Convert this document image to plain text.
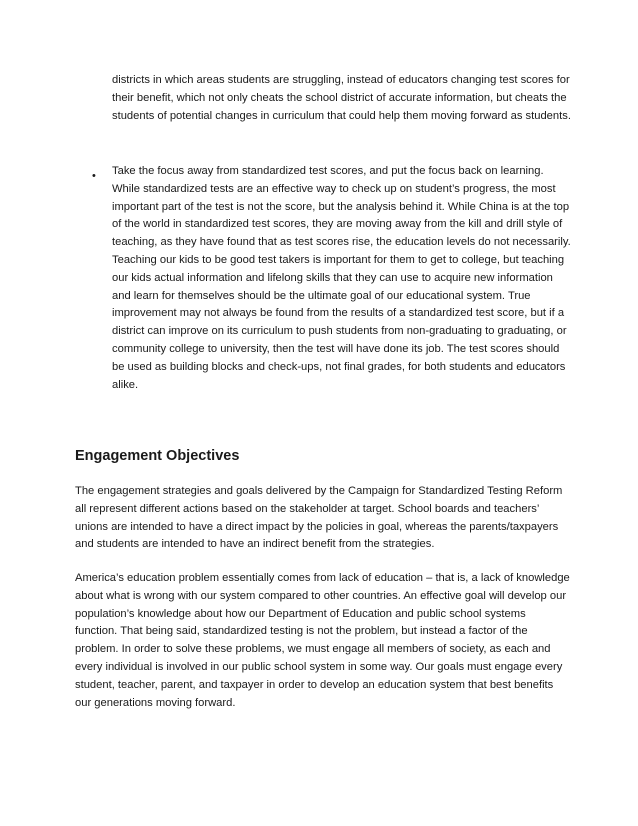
districts in which areas students are struggling, instead of educators changing test scores for their benefit, which not only cheats the school district of accurate information, but cheats the students of potential changes in curriculum that could help them moving forward as students.

• Take the focus away from standardized test scores, and put the focus back on learning. While standardized tests are an effective way to check up on student’s progress, the most important part of the test is not the score, but the analysis behind it. While China is at the top of the world in standardized test scores, they are moving away from the kill and drill style of teaching, as they have found that as test scores rise, the education levels do not necessarily. Teaching our kids to be good test takers is important for them to get to college, but teaching our kids actual information and lifelong skills that they can use to acquire new information and learn for themselves should be the ultimate goal of our educational system. True improvement may not always be found from the results of a standardized test score, but if a district can improve on its curriculum to push students from non-graduating to graduating, or community college to university, then the test will have done its job. The test scores should be used as building blocks and check-ups, not final grades, for both students and educators alike.

Engagement Objectives

The engagement strategies and goals delivered by the Campaign for Standardized Testing Reform all represent different actions based on the stakeholder at target. School boards and teachers’ unions are intended to have a direct impact by the policies in goal, whereas the parents/taxpayers and students are intended to have an indirect benefit from the strategies.

America’s education problem essentially comes from lack of education – that is, a lack of knowledge about what is wrong with our system compared to other countries. An effective goal will develop our population’s knowledge about how our Department of Education and public school systems function. That being said, standardized testing is not the problem, but instead a factor of the problem. In order to solve these problems, we must engage all members of society, as each and every individual is involved in our public school system in some way. Our goals must engage every student, teacher, parent, and taxpayer in order to develop an education system that best benefits our generations moving forward.
